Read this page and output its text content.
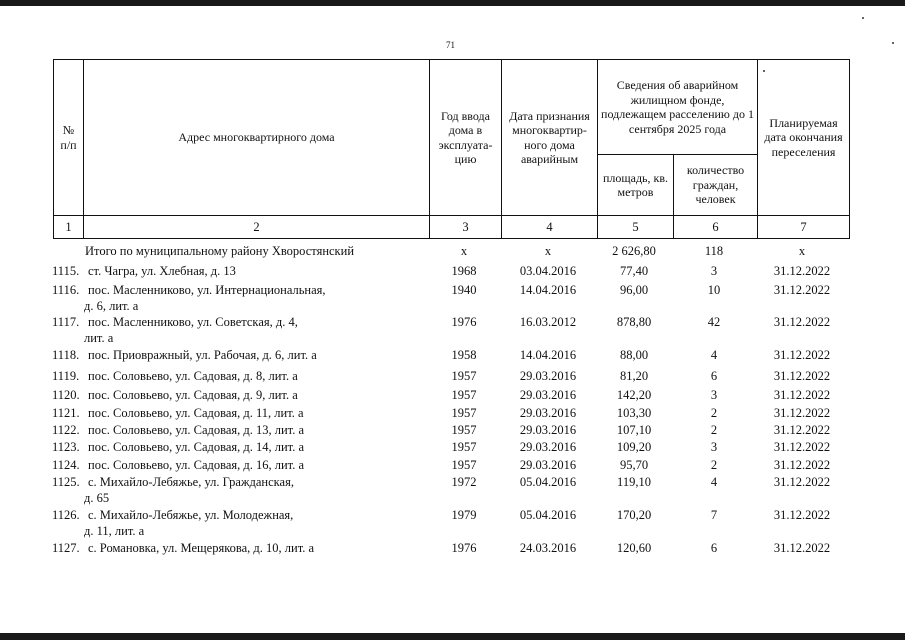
71
№ п/п	Адрес многоквартирного дома	Год ввода дома в эксплуата-цию	Дата признания многоквартир-ного дома аварийным	Сведения об аварийном жилищном фонде, подлежащем расселению до 1 сентября 2025 года		Планируемая дата окончания переселения
				площадь, кв. метров	количество граждан, человек	
1	2	3	4	5	6	7
Итого по муниципальному району Хворостянский	х	х	2 626,80	118	х
1115. ст. Чагра, ул. Хлебная, д. 13	1968	03.04.2016	77,40	3	31.12.2022
1116. пос. Масленниково, ул. Интернациональная,	1940	14.04.2016	96,00	10	31.12.2022
д. 6, лит. а
1117. пос. Масленниково, ул. Советская, д. 4,	1976	16.03.2012	878,80	42	31.12.2022
лит. а
1118. пос. Приовражный, ул. Рабочая, д. 6, лит. а	1958	14.04.2016	88,00	4	31.12.2022
1119. пос. Соловьево, ул. Садовая, д. 8, лит. а	1957	29.03.2016	81,20	6	31.12.2022
1120. пос. Соловьево, ул. Садовая, д. 9, лит. а	1957	29.03.2016	142,20	3	31.12.2022
1121. пос. Соловьево, ул. Садовая, д. 11, лит. а	1957	29.03.2016	103,30	2	31.12.2022
1122. пос. Соловьево, ул. Садовая, д. 13, лит. а	1957	29.03.2016	107,10	2	31.12.2022
1123. пос. Соловьево, ул. Садовая, д. 14, лит. а	1957	29.03.2016	109,20	3	31.12.2022
1124. пос. Соловьево, ул. Садовая, д. 16, лит. а	1957	29.03.2016	95,70	2	31.12.2022
1125. с. Михайло-Лебяжье, ул. Гражданская,	1972	05.04.2016	119,10	4	31.12.2022
д. 65
1126. с. Михайло-Лебяжье, ул. Молодежная,	1979	05.04.2016	170,20	7	31.12.2022
д. 11, лит. а
1127. с. Романовка, ул. Мещерякова, д. 10, лит. а	1976	24.03.2016	120,60	6	31.12.2022
